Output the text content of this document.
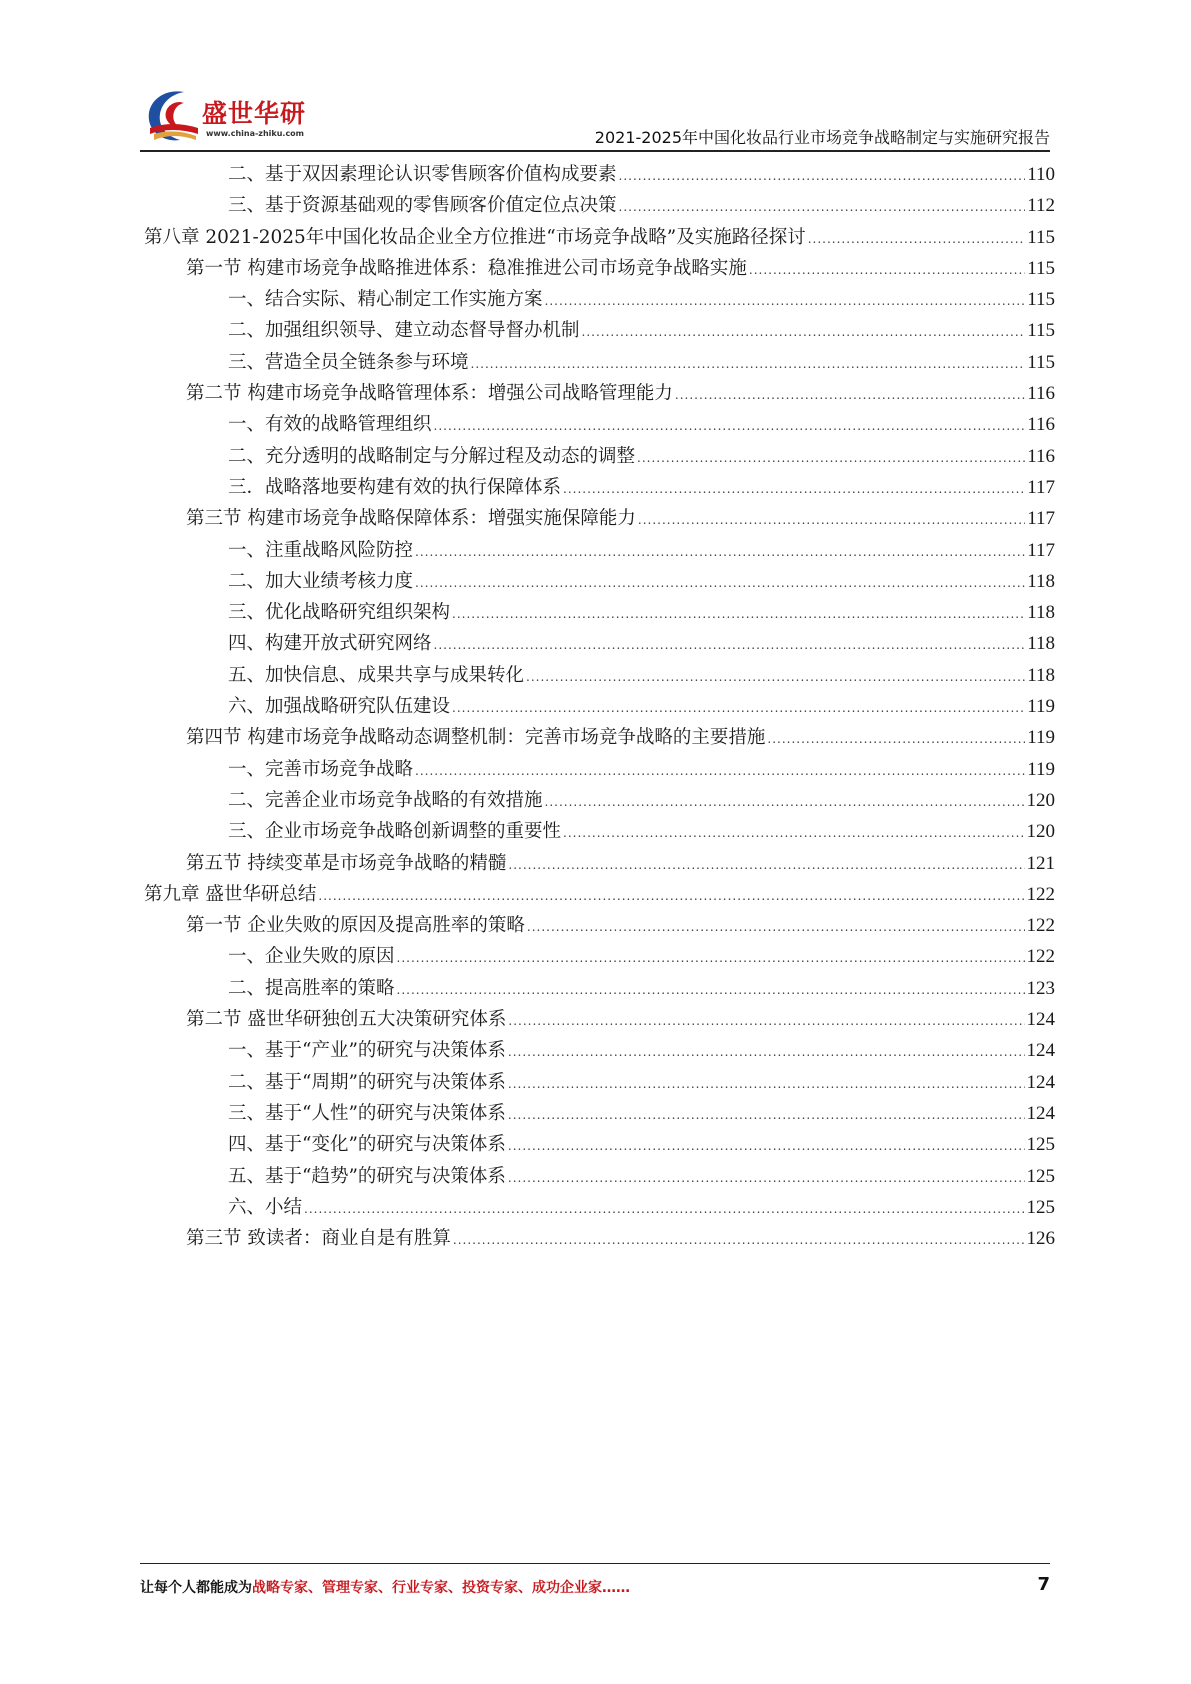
盛世华研
www.china-zhiku.com	2021-2025年中国化妆品行业市场竞争战略制定与实施研究报告
二、基于双因素理论认识零售顾客价值构成要素 .....	110
三、基于资源基础观的零售顾客价值定位点决策 .....	112
第八章 2021-2025年中国化妆品企业全方位推进“市场竞争战略”及实施路径探讨 .....	115
第一节 构建市场竞争战略推进体系：稳准推进公司市场竞争战略实施 .....	115
一、结合实际、精心制定工作实施方案 .....	115
二、加强组织领导、建立动态督导督办机制 .....	115
三、营造全员全链条参与环境 .....	115
第二节 构建市场竞争战略管理体系：增强公司战略管理能力 .....	116
一、有效的战略管理组织 .....	116
二、充分透明的战略制定与分解过程及动态的调整 .....	116
三．战略落地要构建有效的执行保障体系 .....	117
第三节 构建市场竞争战略保障体系：增强实施保障能力 .....	117
一、注重战略风险防控 .....	117
二、加大业绩考核力度 .....	118
三、优化战略研究组织架构 .....	118
四、构建开放式研究网络 .....	118
五、加快信息、成果共享与成果转化 .....	118
六、加强战略研究队伍建设 .....	119
第四节 构建市场竞争战略动态调整机制：完善市场竞争战略的主要措施 .....	119
一、完善市场竞争战略 .....	119
二、完善企业市场竞争战略的有效措施 .....	120
三、企业市场竞争战略创新调整的重要性 .....	120
第五节 持续变革是市场竞争战略的精髓 .....	121
第九章 盛世华研总结 .....	122
第一节 企业失败的原因及提高胜率的策略 .....	122
一、企业失败的原因 .....	122
二、提高胜率的策略 .....	123
第二节 盛世华研独创五大决策研究体系 .....	124
一、基于“产业”的研究与决策体系 .....	124
二、基于“周期”的研究与决策体系 .....	124
三、基于“人性”的研究与决策体系 .....	124
四、基于“变化”的研究与决策体系 .....	125
五、基于“趋势”的研究与决策体系 .....	125
六、小结 .....	125
第三节 致读者：商业自是有胜算 .....	126
让每个人都能成为战略专家、管理专家、行业专家、投资专家、成功企业家……	7
